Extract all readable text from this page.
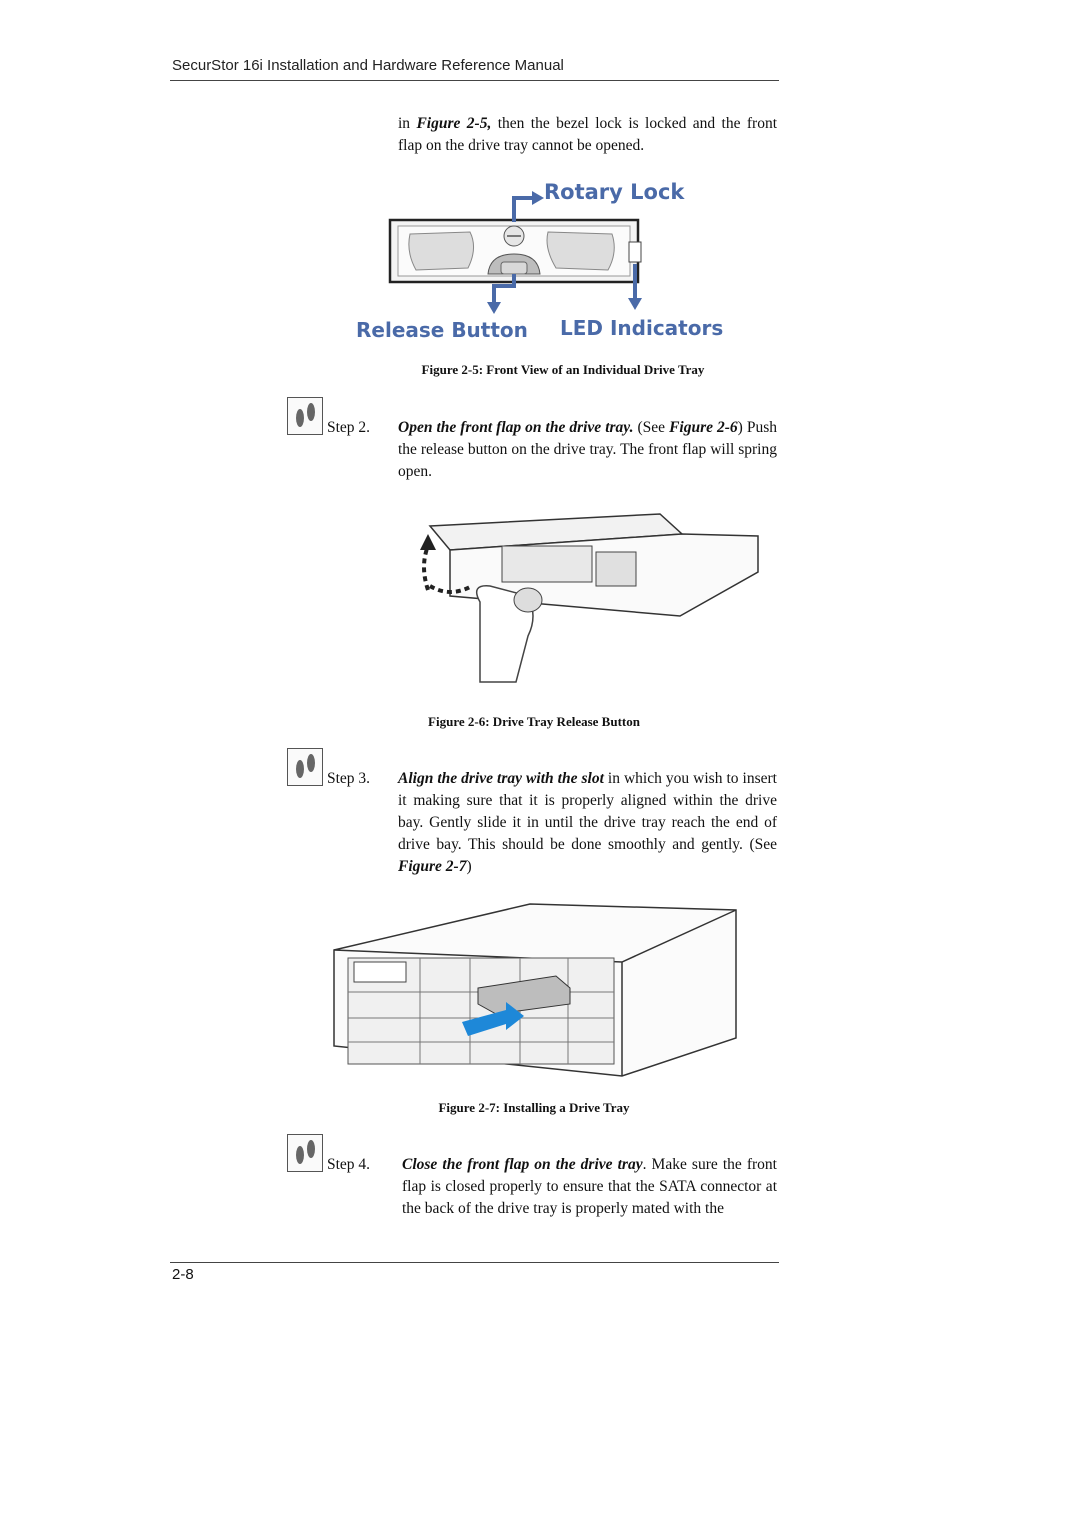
SecurStor 16i Installation and Hardware Reference Manual
in Figure 2-5, then the bezel lock is locked and the front flap on the drive tray cannot be opened.
Rotary Lock
Release Button LED Indicators
Figure 2-5: Front View of an Individual Drive Tray
Step 2. Open the front flap on the drive tray. (See Figure 2-6) Push the release button on the drive tray. The front flap will spring open.
Figure 2-6: Drive Tray Release Button
Step 3. Align the drive tray with the slot in which you wish to insert it making sure that it is properly aligned within the drive bay. Gently slide it in until the drive tray reach the end of drive bay. This should be done smoothly and gently. (See Figure 2-7)
Figure 2-7: Installing a Drive Tray
Step 4. Close the front flap on the drive tray. Make sure the front flap is closed properly to ensure that the SATA connector at the back of the drive tray is properly mated with the
2-8
